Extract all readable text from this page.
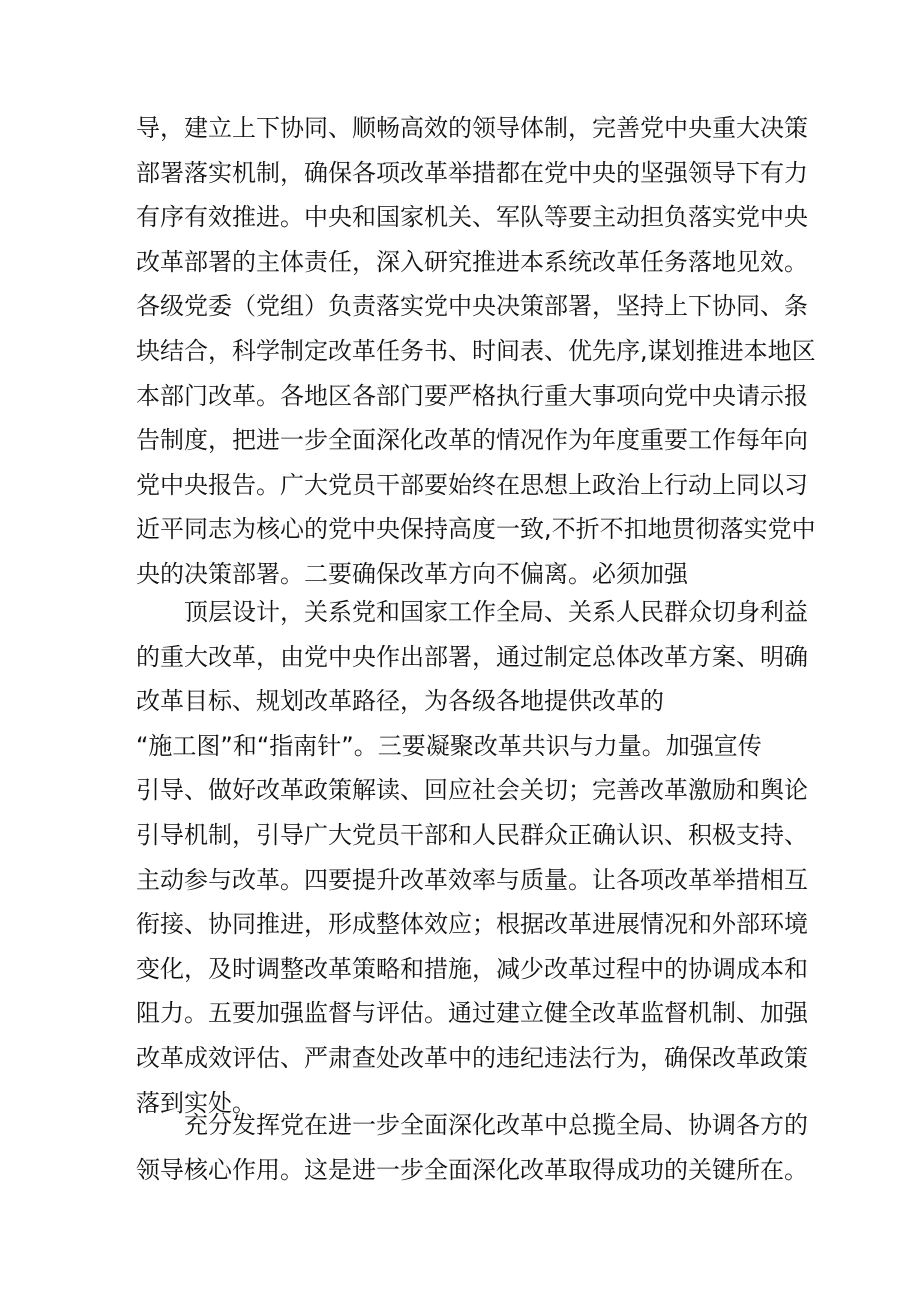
导，建立上下协同、顺畅高效的领导体制，完善党中央重大决策
部署落实机制，确保各项改革举措都在党中央的坚强领导下有力
有序有效推进。中央和国家机关、军队等要主动担负落实党中央
改革部署的主体责任，深入研究推进本系统改革任务落地见效。
各级党委（党组）负责落实党中央决策部署，坚持上下协同、条
块结合，科学制定改革任务书、时间表、优先序,谋划推进本地区
本部门改革。各地区各部门要严格执行重大事项向党中央请示报
告制度，把进一步全面深化改革的情况作为年度重要工作每年向
党中央报告。广大党员干部要始终在思想上政治上行动上同以习
近平同志为核心的党中央保持高度一致,不折不扣地贯彻落实党中
央的决策部署。二要确保改革方向不偏离。必须加强
顶层设计，关系党和国家工作全局、关系人民群众切身利益
的重大改革，由党中央作出部署，通过制定总体改革方案、明确
改革目标、规划改革路径，为各级各地提供改革的
“施工图”和“指南针”。三要凝聚改革共识与力量。加强宣传
引导、做好改革政策解读、回应社会关切；完善改革激励和舆论
引导机制，引导广大党员干部和人民群众正确认识、积极支持、
主动参与改革。四要提升改革效率与质量。让各项改革举措相互
衔接、协同推进，形成整体效应；根据改革进展情况和外部环境
变化，及时调整改革策略和措施，减少改革过程中的协调成本和
阻力。五要加强监督与评估。通过建立健全改革监督机制、加强
改革成效评估、严肃查处改革中的违纪违法行为，确保改革政策
落到实处。
充分发挥党在进一步全面深化改革中总揽全局、协调各方的
领导核心作用。这是进一步全面深化改革取得成功的关键所在。
